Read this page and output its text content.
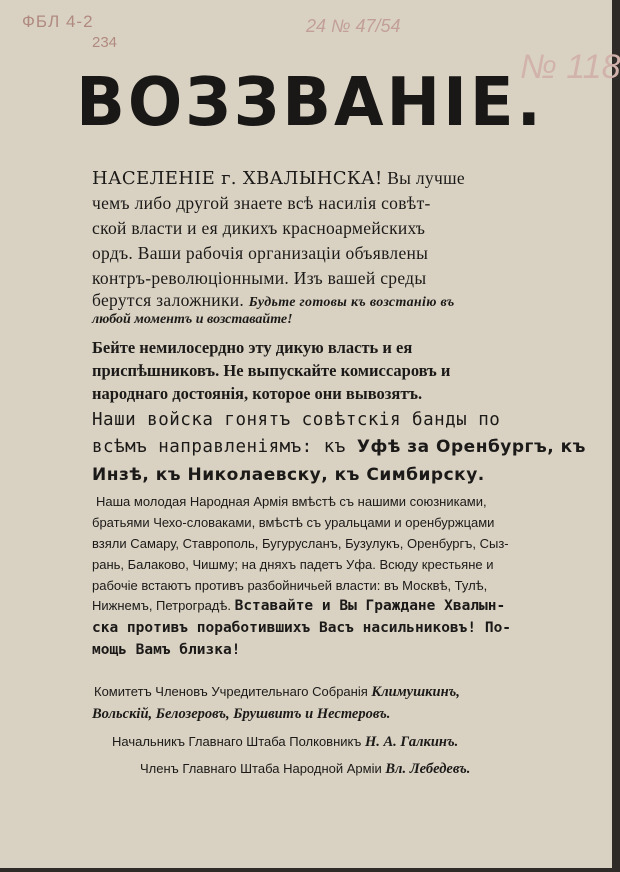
ФБЛ 4-2
234
24 № 47/54
№ 118
ВОЗЗВАНІЕ.
НАСЕЛЕНІЕ г. ХВАЛЫНСКА! Вы лучше
чемъ либо другой знаете всѣ насилія совѣт-
ской власти и ея дикихъ красноармейскихъ
ордъ. Ваши рабочія организаціи объявлены
контръ-революціонными. Изъ вашей среды
берутся заложники. Будьте готовы къ возстанію въ
любой моментъ и возставайте!
Бейте немилосердно эту дикую власть и ея
приспѣшниковъ. Не выпускайте комиссаровъ и
народнаго достоянія, которое они вывозятъ.
Наши войска гонятъ совѣтскія банды по
всѣмъ направленіямъ: къ Уфѣ за Оренбургъ, къ
Инзѣ, къ Николаевску, къ Симбирску.
Наша молодая Народная Армія вмѣстѣ съ нашими союзниками,
братьями Чехо-словаками, вмѣстѣ съ уральцами и оренбуржцами
взяли Самару, Ставрополь, Бугурусланъ, Бузулукъ, Оренбургъ, Сыз-
рань, Балаково, Чишму; на дняхъ падетъ Уфа. Всюду крестьяне и
рабочіе встаютъ противъ разбойничьей власти: въ Москвѣ, Тулѣ,
Нижнемъ, Петроградѣ. Вставайте и Вы Граждане Хвалын-
ска противъ поработившихъ Васъ насильниковъ! По-
мощь Вамъ близка!
Комитетъ Членовъ Учредительнаго Собранія Климушкинъ,
Вольскій, Белозеровъ, Брушвитъ и Нестеровъ.
Начальникъ Главнаго Штаба Полковникъ Н. А. Галкинъ.
Членъ Главнаго Штаба Народной Арміи Вл. Лебедевъ.
